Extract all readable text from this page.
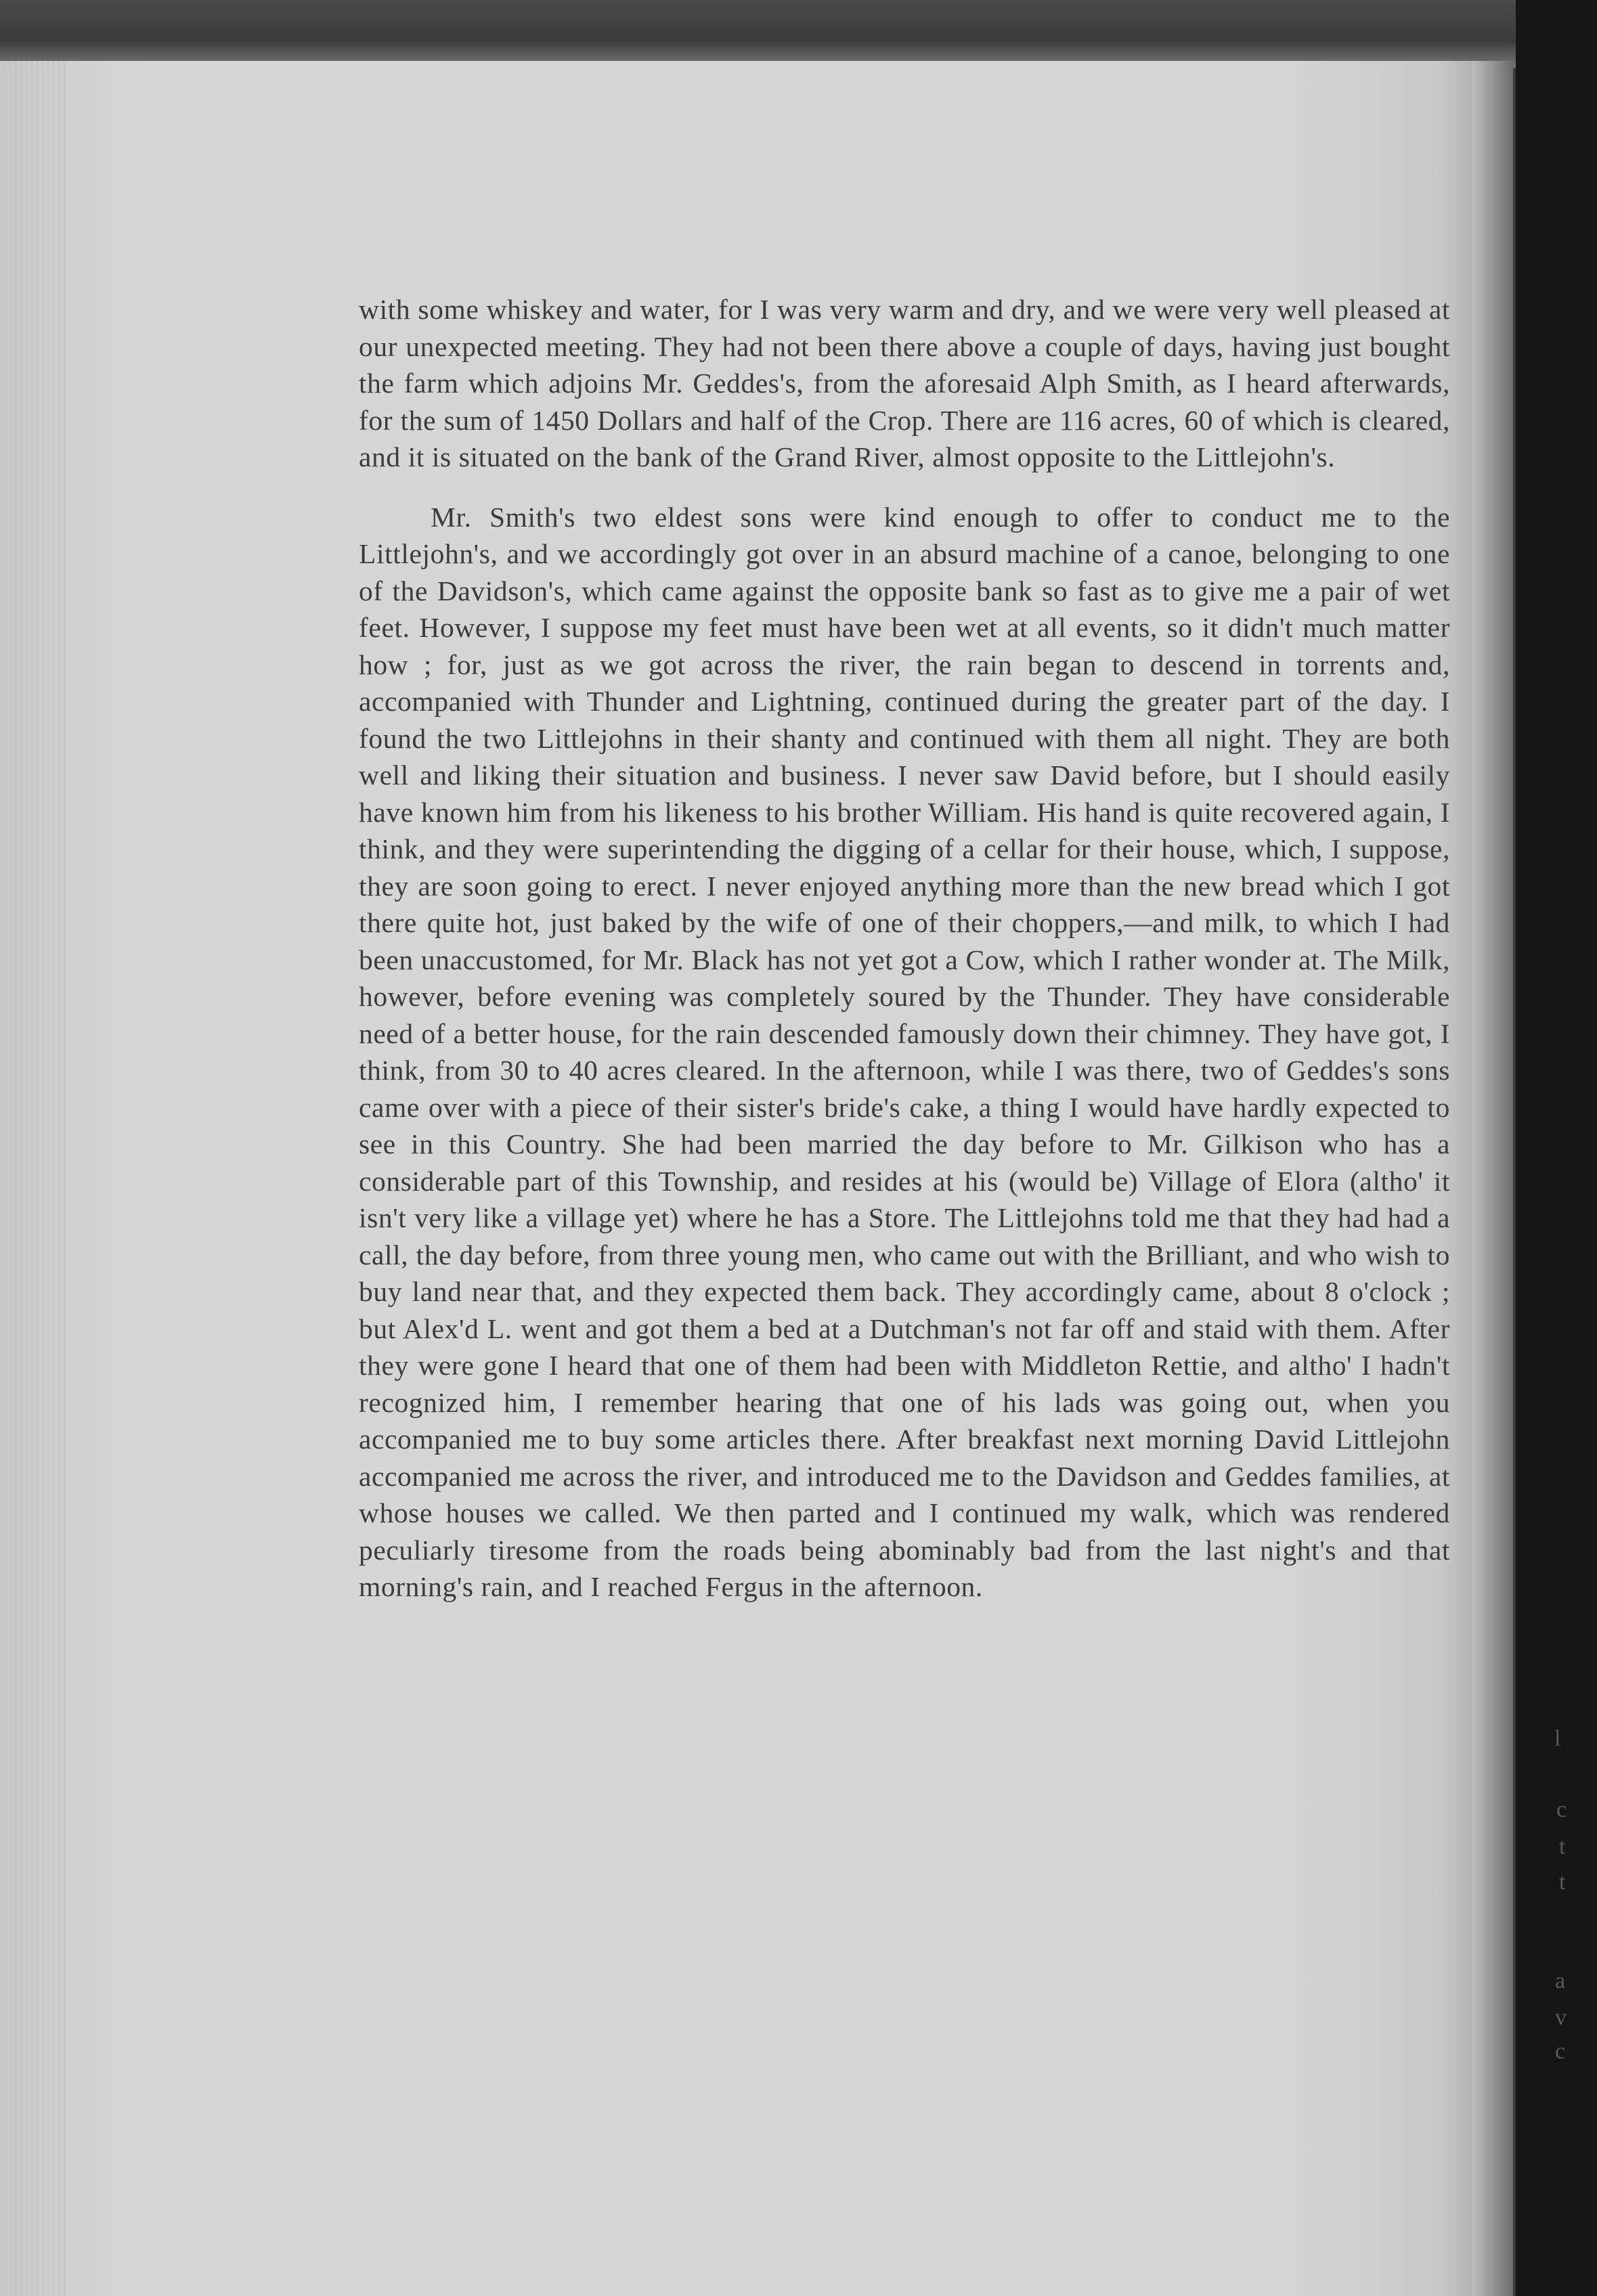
with some whiskey and water, for I was very warm and dry, and we were very well pleased at our unexpected meeting. They had not been there above a couple of days, having just bought the farm which adjoins Mr. Geddes's, from the aforesaid Alph Smith, as I heard afterwards, for the sum of 1450 Dollars and half of the Crop. There are 116 acres, 60 of which is cleared, and it is situated on the bank of the Grand River, almost opposite to the Littlejohn's.

Mr. Smith's two eldest sons were kind enough to offer to conduct me to the Littlejohn's, and we accordingly got over in an absurd machine of a canoe, belonging to one of the Davidson's, which came against the opposite bank so fast as to give me a pair of wet feet. However, I suppose my feet must have been wet at all events, so it didn't much matter how ; for, just as we got across the river, the rain began to descend in torrents and, accompanied with Thunder and Lightning, continued during the greater part of the day. I found the two Littlejohns in their shanty and continued with them all night. They are both well and liking their situation and business. I never saw David before, but I should easily have known him from his likeness to his brother William. His hand is quite recovered again, I think, and they were superintending the digging of a cellar for their house, which, I suppose, they are soon going to erect. I never enjoyed anything more than the new bread which I got there quite hot, just baked by the wife of one of their choppers,—and milk, to which I had been unaccustomed, for Mr. Black has not yet got a Cow, which I rather wonder at. The Milk, however, before evening was completely soured by the Thunder. They have considerable need of a better house, for the rain descended famously down their chimney. They have got, I think, from 30 to 40 acres cleared. In the afternoon, while I was there, two of Geddes's sons came over with a piece of their sister's bride's cake, a thing I would have hardly expected to see in this Country. She had been married the day before to Mr. Gilkison who has a considerable part of this Township, and resides at his (would be) Village of Elora (altho' it isn't very like a village yet) where he has a Store. The Littlejohns told me that they had had a call, the day before, from three young men, who came out with the Brilliant, and who wish to buy land near that, and they expected them back. They accordingly came, about 8 o'clock ; but Alex'd L. went and got them a bed at a Dutchman's not far off and staid with them. After they were gone I heard that one of them had been with Middleton Rettie, and altho' I hadn't recognized him, I remember hearing that one of his lads was going out, when you accompanied me to buy some articles there. After breakfast next morning David Littlejohn accompanied me across the river, and introduced me to the Davidson and Geddes families, at whose houses we called. We then parted and I continued my walk, which was rendered peculiarly tiresome from the roads being abominably bad from the last night's and that morning's rain, and I reached Fergus in the afternoon.

l
c
t
t
a
v
c
